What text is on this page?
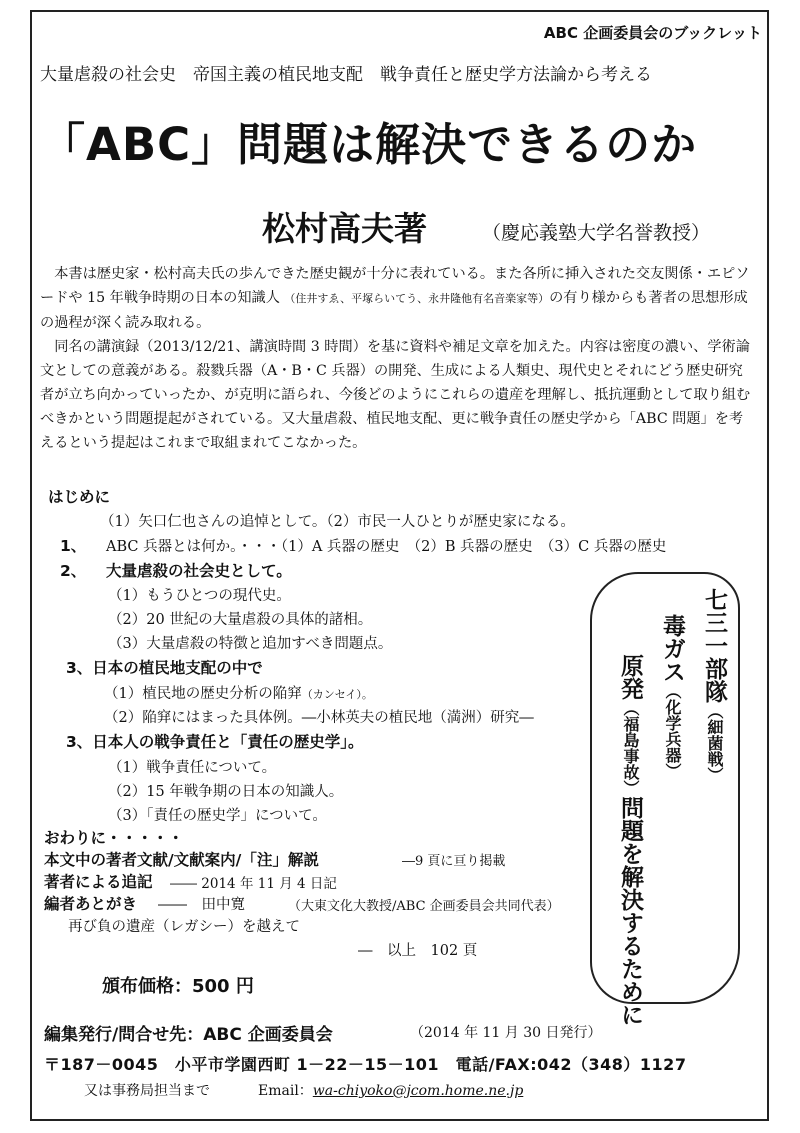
ABC 企画委員会のブックレット
大量虐殺の社会史　帝国主義の植民地支配　戦争責任と歴史学方法論から考える
「ABC」問題は解決できるのか
松村高夫著	（慶応義塾大学名誉教授）

本書は歴史家・松村高夫氏の歩んできた歴史観が十分に表れている。また各所に挿入された交友関係・エピソードや 15 年戦争時期の日本の知識人 （住井すゑ、平塚らいてう、永井隆他有名音楽家等）の有り様からも著者の思想形成の過程が深く読み取れる。

同名の講演録（2013/12/21、講演時間 3 時間）を基に資料や補足文章を加えた。内容は密度の濃い、学術論文としての意義がある。殺戮兵器（A・B・C 兵器）の開発、生成による人類史、現代史とそれにどう歴史研究者が立ち向かっていったか、が克明に語られ、今後どのようにこれらの遺産を理解し、抵抗運動として取り組むべきかという問題提起がされている。又大量虐殺、植民地支配、更に戦争責任の歴史学から「ABC 問題」を考えるという提起はこれまで取組まれてこなかった。

はじめに
（1）矢口仁也さんの追悼として。（2）市民一人ひとりが歴史家になる。
1、 ABC 兵器とは何か。・・・（1）A 兵器の歴史　（2）B 兵器の歴史　（3）C 兵器の歴史
2、 大量虐殺の社会史として。
（1）もうひとつの現代史。
（2）20 世紀の大量虐殺の具体的諸相。
（3）大量虐殺の特徴と追加すべき問題点。
3、日本の植民地支配の中で
（1）植民地の歴史分析の陥穽（カンセイ）。
（2）陥穽にはまった具体例。―小林英夫の植民地（満洲）研究―
3、日本人の戦争責任と「責任の歴史学」。
（1）戦争責任について。
（2）15 年戦争期の日本の知識人。
（3）「責任の歴史学」について。
おわりに・・・・・
本文中の著者文献/文献案内/「注」解説	―9 頁に亘り掲載
著者による追記 ―― 2014 年 11 月 4 日記
編者あとがき ――　田中寛	（大東文化大教授/ABC 企画委員会共同代表）
再び負の遺産（レガシー）を越えて
―　以上　102 頁
七三一部隊（細菌戦）
毒ガス（化学兵器）
原発（福島事故）問題を解決するために
頒布価格：500 円
編集発行/問合せ先：ABC 企画委員会	（2014 年 11 月 30 日発行）
〒187－0045　小平市学園西町 1－22－15－101　電話/FAX:042（348）1127
又は事務局担当まで	Email：wa-chiyoko@jcom.home.ne.jp
